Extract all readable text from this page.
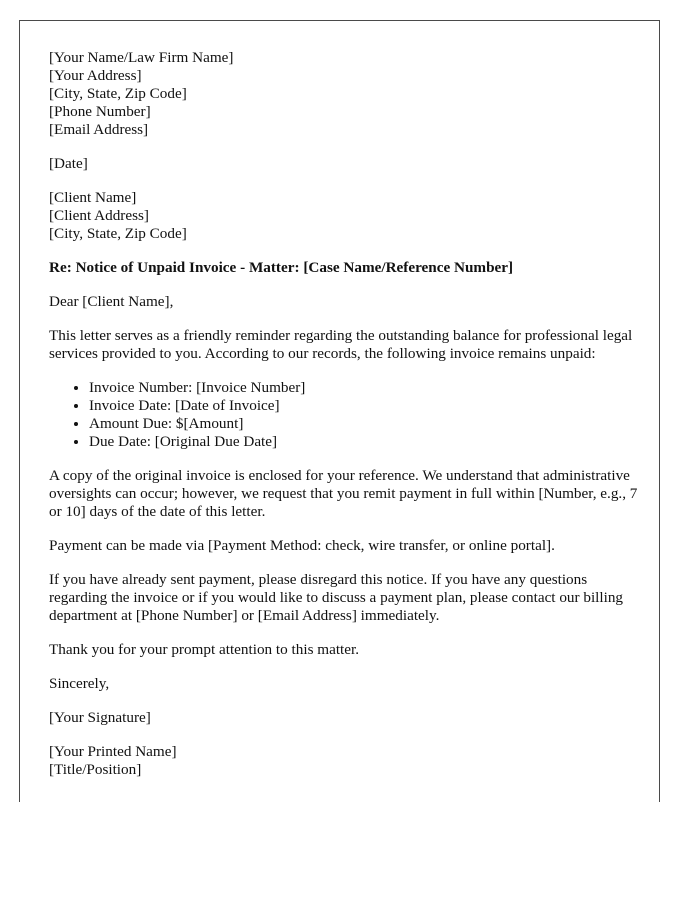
[Your Name/Law Firm Name]
[Your Address]
[City, State, Zip Code]
[Phone Number]
[Email Address]
[Date]
[Client Name]
[Client Address]
[City, State, Zip Code]
Re: Notice of Unpaid Invoice - Matter: [Case Name/Reference Number]

Dear [Client Name],

This letter serves as a friendly reminder regarding the outstanding balance for professional legal services provided to you. According to our records, the following invoice remains unpaid:

• Invoice Number: [Invoice Number]
• Invoice Date: [Date of Invoice]
• Amount Due: $[Amount]
• Due Date: [Original Due Date]

A copy of the original invoice is enclosed for your reference. We understand that administrative oversights can occur; however, we request that you remit payment in full within [Number, e.g., 7 or 10] days of the date of this letter.

Payment can be made via [Payment Method: check, wire transfer, or online portal].

If you have already sent payment, please disregard this notice. If you have any questions regarding the invoice or if you would like to discuss a payment plan, please contact our billing department at [Phone Number] or [Email Address] immediately.

Thank you for your prompt attention to this matter.

Sincerely,

[Your Signature]

[Your Printed Name]
[Title/Position]
